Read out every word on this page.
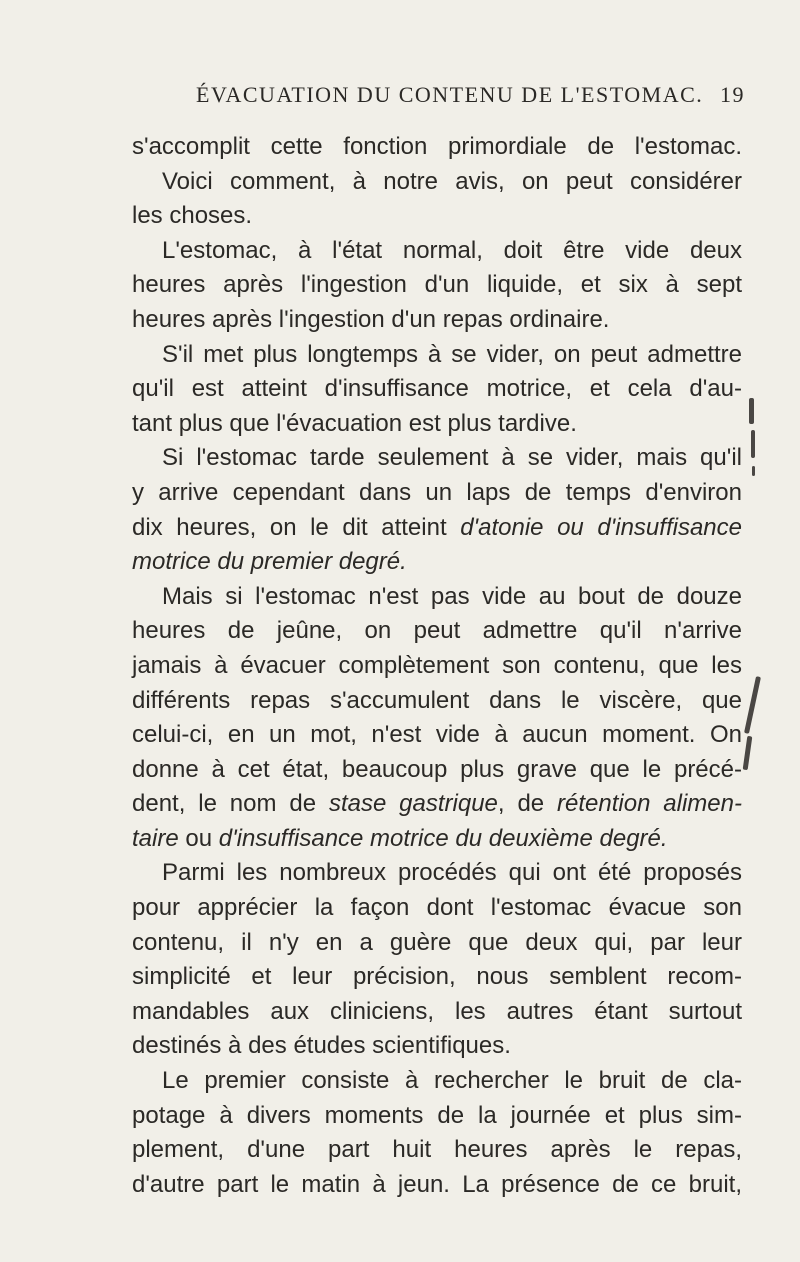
ÉVACUATION DU CONTENU DE L'ESTOMAC. 19
s'accomplit cette fonction primordiale de l'estomac.
Voici comment, à notre avis, on peut considérer
les choses.
L'estomac, à l'état normal, doit être vide deux
heures après l'ingestion d'un liquide, et six à sept
heures après l'ingestion d'un repas ordinaire.
S'il met plus longtemps à se vider, on peut admettre
qu'il est atteint d'insuffisance motrice, et cela d'au-
tant plus que l'évacuation est plus tardive.
Si l'estomac tarde seulement à se vider, mais qu'il
y arrive cependant dans un laps de temps d'environ
dix heures, on le dit atteint d'atonie ou d'insuffisance
motrice du premier degré.
Mais si l'estomac n'est pas vide au bout de douze
heures de jeûne, on peut admettre qu'il n'arrive
jamais à évacuer complètement son contenu, que les
différents repas s'accumulent dans le viscère, que
celui-ci, en un mot, n'est vide à aucun moment. On
donne à cet état, beaucoup plus grave que le précé-
dent, le nom de stase gastrique, de rétention alimen-
taire ou d'insuffisance motrice du deuxième degré.
Parmi les nombreux procédés qui ont été proposés
pour apprécier la façon dont l'estomac évacue son
contenu, il n'y en a guère que deux qui, par leur
simplicité et leur précision, nous semblent recom-
mandables aux cliniciens, les autres étant surtout
destinés à des études scientifiques.
Le premier consiste à rechercher le bruit de cla-
potage à divers moments de la journée et plus sim-
plement, d'une part huit heures après le repas,
d'autre part le matin à jeun. La présence de ce bruit,
